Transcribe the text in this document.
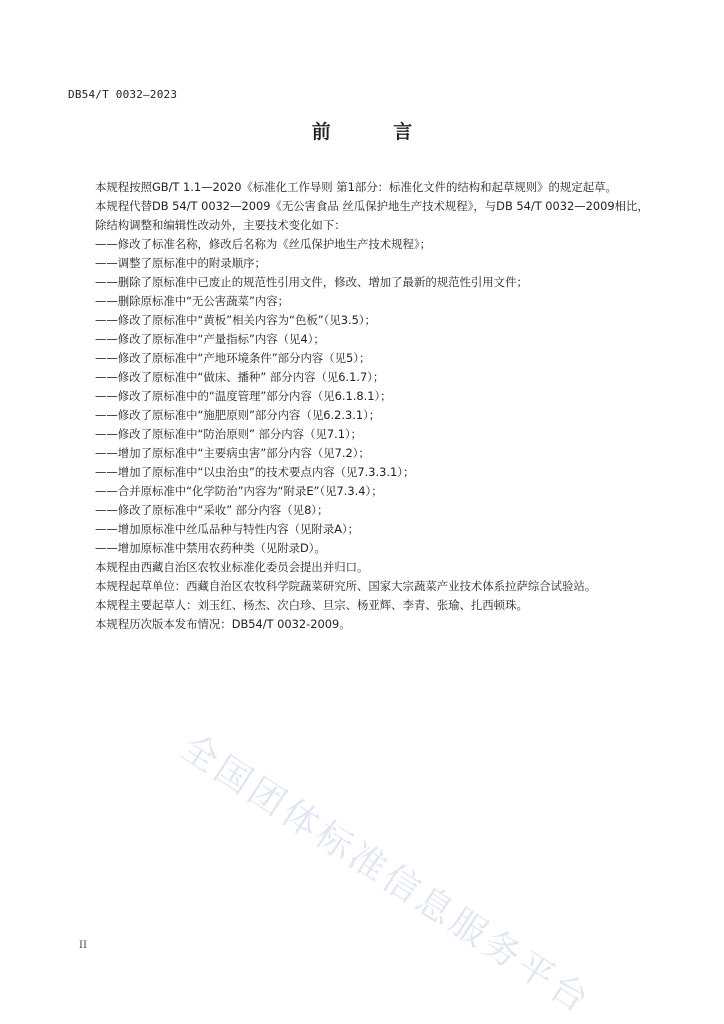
DB54/T 0032—2023
前 言

本规程按照GB/T 1.1—2020《标准化工作导则 第1部分：标准化文件的结构和起草规则》的规定起草。

本规程代替DB 54/T 0032—2009《无公害食品 丝瓜保护地生产技术规程》，与DB 54/T 0032—2009相比，除结构调整和编辑性改动外，主要技术变化如下：

——修改了标准名称，修改后名称为《丝瓜保护地生产技术规程》；

——调整了原标准中的附录顺序；

——删除了原标准中已废止的规范性引用文件，修改、增加了最新的规范性引用文件；

——删除原标准中“无公害蔬菜”内容；

——修改了原标准中“黄板”相关内容为“色板”（见3.5）；

——修改了原标准中“产量指标”内容（见4）；

——修改了原标准中“产地环境条件”部分内容（见5）；

——修改了原标准中“做床、播种” 部分内容（见6.1.7）；

——修改了原标准中的“温度管理”部分内容（见6.1.8.1）；

——修改了原标准中“施肥原则”部分内容（见6.2.3.1）；

——修改了原标准中“防治原则” 部分内容（见7.1）；

——增加了原标准中“主要病虫害”部分内容（见7.2）；

——增加了原标准中“以虫治虫”的技术要点内容（见7.3.3.1）；

——合并原标准中“化学防治”内容为“附录E”（见7.3.4）；

——修改了原标准中“采收” 部分内容（见8）；

——增加原标准中丝瓜品种与特性内容（见附录A）；

——增加原标准中禁用农药种类（见附录D）。

本规程由西藏自治区农牧业标准化委员会提出并归口。

本规程起草单位：西藏自治区农牧科学院蔬菜研究所、国家大宗蔬菜产业技术体系拉萨综合试验站。

本规程主要起草人：刘玉红、杨杰、次白珍、旦宗、杨亚辉、李青、张瑜、扎西顿珠。

本规程历次版本发布情况：DB54/T 0032-2009。

全国团体标准信息服务平台
II
